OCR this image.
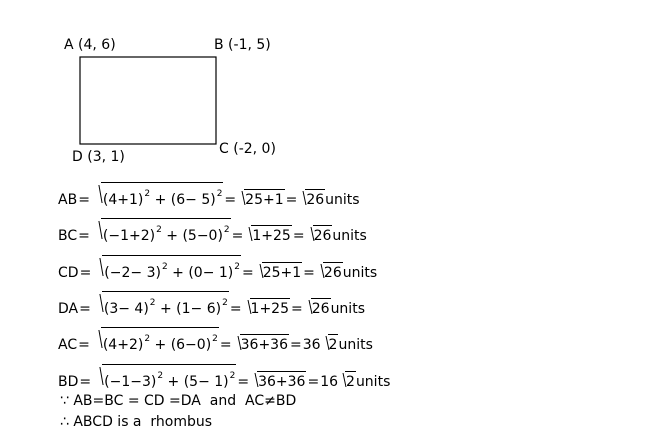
A (4, 6)	B (-1, 5)
C (-2, 0)
D (3, 1)
$AB= (4+1)^2 + (6- 5)^2 = 25+1$ = 26units
$BC= (-1+2)^2 + (5-0)^2 = 1+25$ = 26units
$CD= (-2- 3)^2 + (0- 1)^2 = 25+1$ = 26units
$DA= (3- 4)^2 + (1- 6)^2 = 1+25$ = 26units
$AC= (4+2)^2 + (6-0)^2 = 36+36 =36$ 2units
$BD= (-1-3)^2 + (5- 1)^2 = 36+36 =16$ 2units
∵ AB=BC = CD =DA  and  AC≠BD
∴ ABCD is a  rhombus
